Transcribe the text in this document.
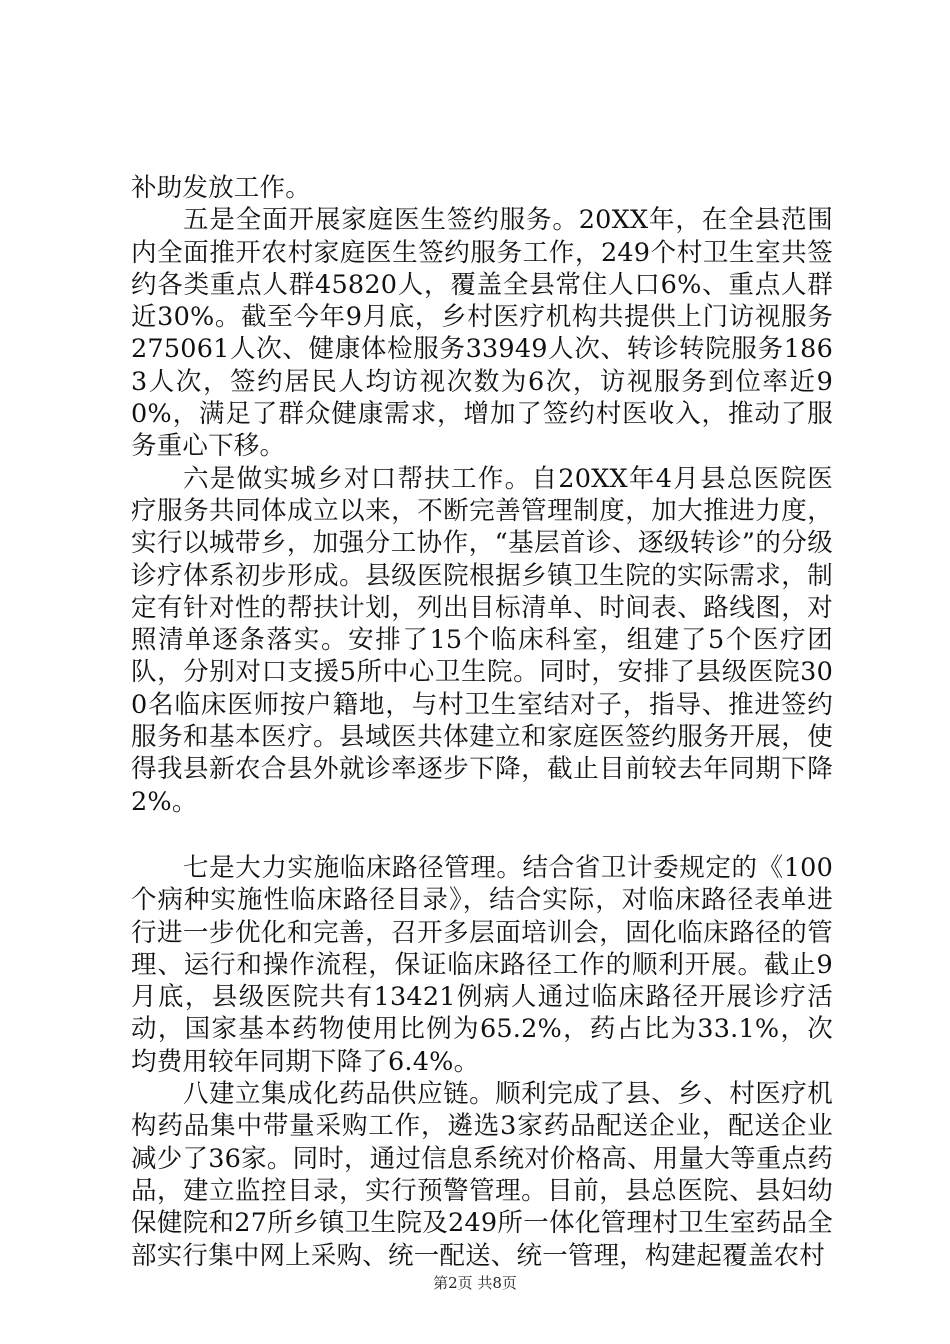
补助发放工作。

五是全面开展家庭医生签约服务。20XX年，在全县范围内全面推开农村家庭医生签约服务工作，249个村卫生室共签约各类重点人群45820人，覆盖全县常住人口6%、重点人群近30%。截至今年9月底，乡村医疗机构共提供上门访视服务275061人次、健康体检服务33949人次、转诊转院服务1863人次，签约居民人均访视次数为6次，访视服务到位率近90%，满足了群众健康需求，增加了签约村医收入，推动了服务重心下移。

六是做实城乡对口帮扶工作。自20XX年4月县总医院医疗服务共同体成立以来，不断完善管理制度，加大推进力度，实行以城带乡，加强分工协作，“基层首诊、逐级转诊”的分级诊疗体系初步形成。县级医院根据乡镇卫生院的实际需求，制定有针对性的帮扶计划，列出目标清单、时间表、路线图，对照清单逐条落实。安排了15个临床科室，组建了5个医疗团队，分别对口支援5所中心卫生院。同时，安排了县级医院300名临床医师按户籍地，与村卫生室结对子，指导、推进签约服务和基本医疗。县域医共体建立和家庭医签约服务开展，使得我县新农合县外就诊率逐步下降，截止目前较去年同期下降2%。

七是大力实施临床路径管理。结合省卫计委规定的《100个病种实施性临床路径目录》，结合实际，对临床路径表单进行进一步优化和完善，召开多层面培训会，固化临床路径的管理、运行和操作流程，保证临床路径工作的顺利开展。截止9月底，县级医院共有13421例病人通过临床路径开展诊疗活动，国家基本药物使用比例为65.2%，药占比为33.1%，次均费用较年同期下降了6.4%。

八建立集成化药品供应链。顺利完成了县、乡、村医疗机构药品集中带量采购工作，遴选3家药品配送企业，配送企业减少了36家。同时，通过信息系统对价格高、用量大等重点药品，建立监控目录，实行预警管理。目前，县总医院、县妇幼保健院和27所乡镇卫生院及249所一体化管理村卫生室药品全部实行集中网上采购、统一配送、统一管理，构建起覆盖农村

第2页 共8页
